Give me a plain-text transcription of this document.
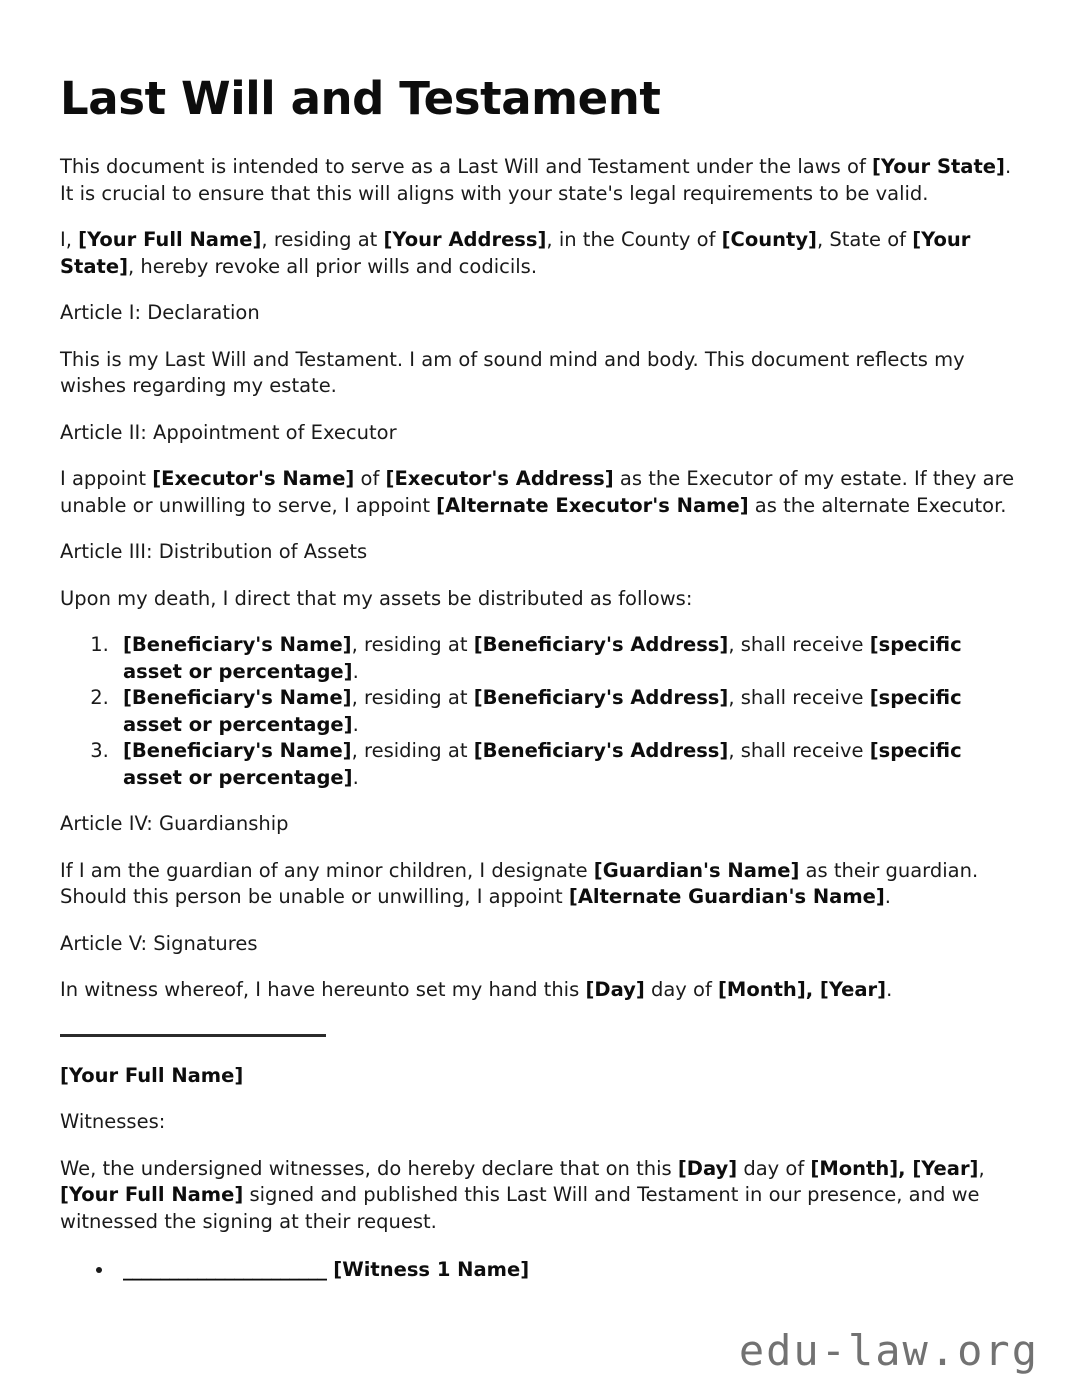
Last Will and Testament

This document is intended to serve as a Last Will and Testament under the laws of [Your State]. It is crucial to ensure that this will aligns with your state's legal requirements to be valid.

I, [Your Full Name], residing at [Your Address], in the County of [County], State of [Your State], hereby revoke all prior wills and codicils.

Article I: Declaration

This is my Last Will and Testament. I am of sound mind and body. This document reflects my wishes regarding my estate.

Article II: Appointment of Executor

I appoint [Executor's Name] of [Executor's Address] as the Executor of my estate. If they are unable or unwilling to serve, I appoint [Alternate Executor's Name] as the alternate Executor.

Article III: Distribution of Assets

Upon my death, I direct that my assets be distributed as follows:

1. [Beneficiary's Name], residing at [Beneficiary's Address], shall receive [specific asset or percentage].
2. [Beneficiary's Name], residing at [Beneficiary's Address], shall receive [specific asset or percentage].
3. [Beneficiary's Name], residing at [Beneficiary's Address], shall receive [specific asset or percentage].

Article IV: Guardianship

If I am the guardian of any minor children, I designate [Guardian's Name] as their guardian. Should this person be unable or unwilling, I appoint [Alternate Guardian's Name].

Article V: Signatures

In witness whereof, I have hereunto set my hand this [Day] day of [Month], [Year].

[Your Full Name]

Witnesses:

We, the undersigned witnesses, do hereby declare that on this [Day] day of [Month], [Year], [Your Full Name] signed and published this Last Will and Testament in our presence, and we witnessed the signing at their request.

• ______________________ [Witness 1 Name]
edu-law.org
